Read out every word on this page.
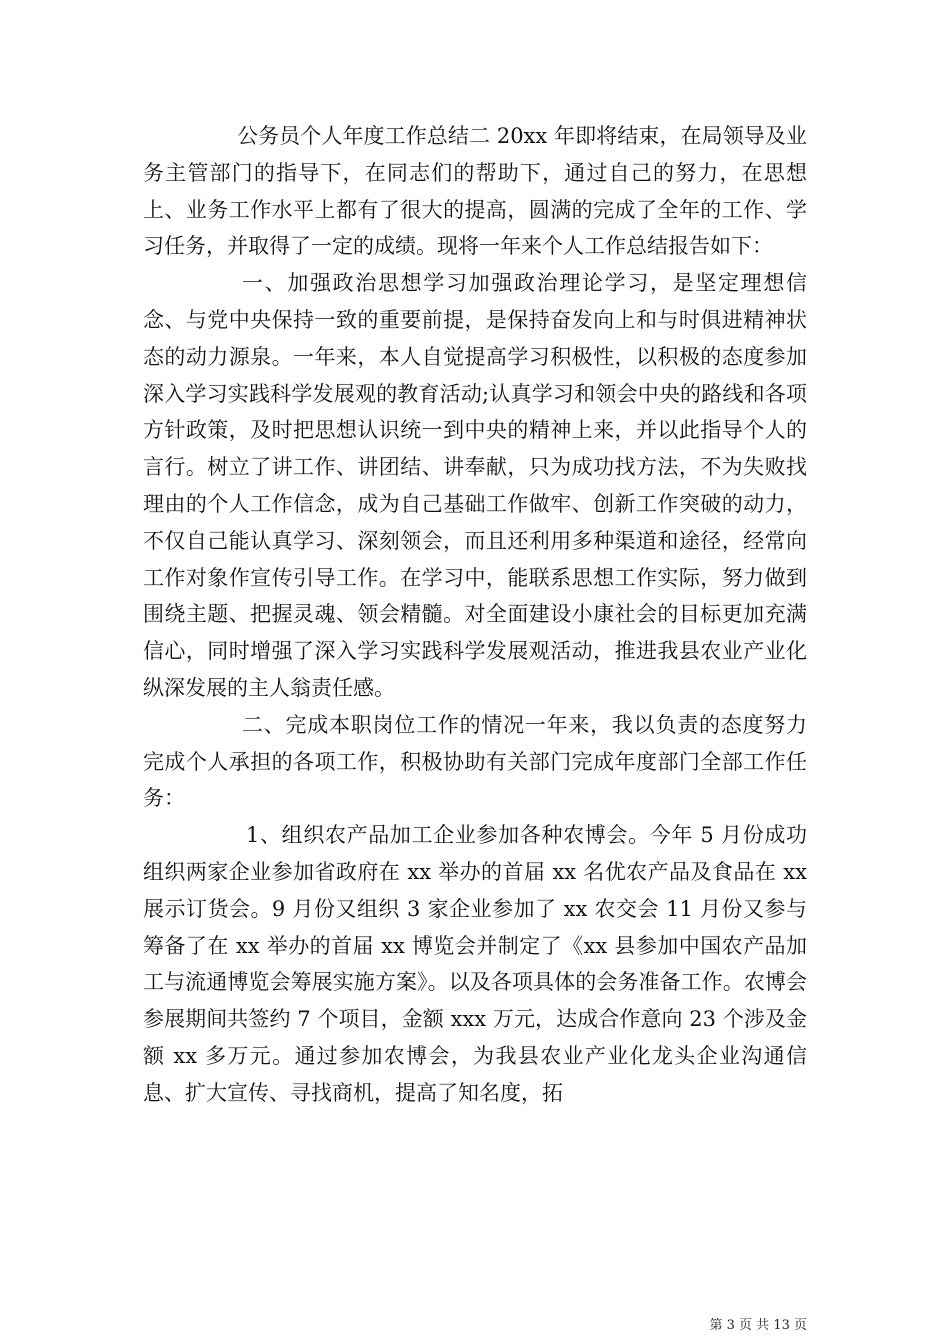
公务员个人年度工作总结二 20xx 年即将结束，在局领导及业务主管部门的指导下，在同志们的帮助下，通过自己的努力，在思想上、业务工作水平上都有了很大的提高，圆满的完成了全年的工作、学习任务，并取得了一定的成绩。现将一年来个人工作总结报告如下：

一、加强政治思想学习加强政治理论学习，是坚定理想信念、与党中央保持一致的重要前提，是保持奋发向上和与时俱进精神状态的动力源泉。一年来，本人自觉提高学习积极性，以积极的态度参加深入学习实践科学发展观的教育活动;认真学习和领会中央的路线和各项方针政策，及时把思想认识统一到中央的精神上来，并以此指导个人的言行。树立了讲工作、讲团结、讲奉献，只为成功找方法，不为失败找理由的个人工作信念，成为自己基础工作做牢、创新工作突破的动力，不仅自己能认真学习、深刻领会，而且还利用多种渠道和途径，经常向工作对象作宣传引导工作。在学习中，能联系思想工作实际，努力做到围绕主题、把握灵魂、领会精髓。对全面建设小康社会的目标更加充满信心，同时增强了深入学习实践科学发展观活动，推进我县农业产业化纵深发展的主人翁责任感。

二、完成本职岗位工作的情况一年来，我以负责的态度努力完成个人承担的各项工作，积极协助有关部门完成年度部门全部工作任务：

1、组织农产品加工企业参加各种农博会。今年 5 月份成功组织两家企业参加省政府在 xx 举办的首届 xx 名优农产品及食品在 xx 展示订货会。9 月份又组织 3 家企业参加了 xx 农交会 11 月份又参与筹备了在 xx 举办的首届 xx 博览会并制定了《xx 县参加中国农产品加工与流通博览会筹展实施方案》。以及各项具体的会务准备工作。农博会参展期间共签约 7 个项目，金额 xxx 万元，达成合作意向 23 个涉及金额 xx 多万元。通过参加农博会，为我县农业产业化龙头企业沟通信息、扩大宣传、寻找商机，提高了知名度，拓

第 3 页 共 13 页
